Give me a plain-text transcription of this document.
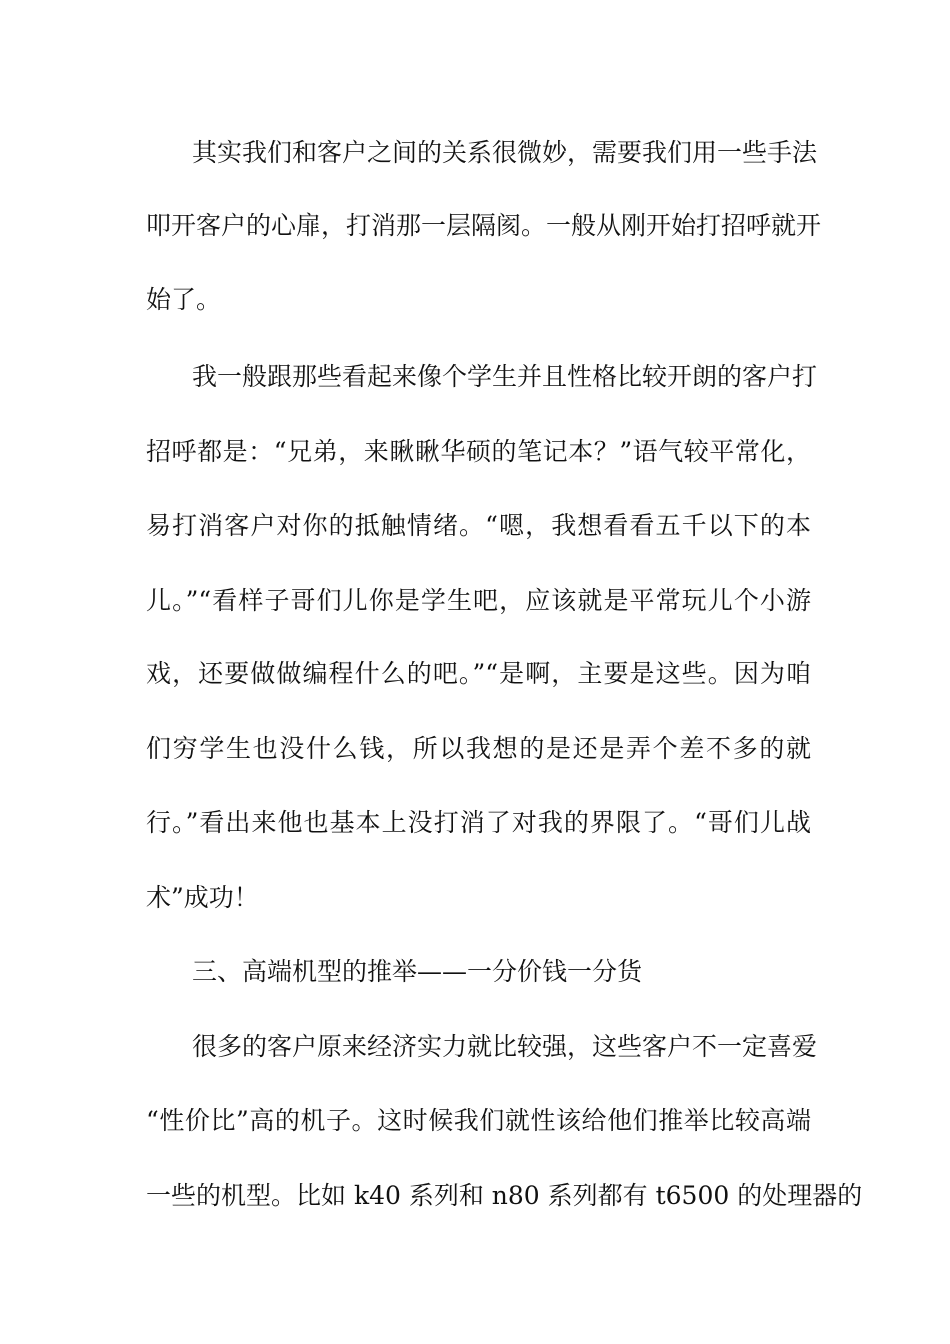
其实我们和客户之间的关系很微妙，需要我们用一些手法
叩开客户的心扉，打消那一层隔阂。一般从刚开始打招呼就开
始了。
我一般跟那些看起来像个学生并且性格比较开朗的客户打
招呼都是：“兄弟，来瞅瞅华硕的笔记本？”语气较平常化，
易打消客户对你的抵触情绪。“嗯，我想看看五千以下的本
儿。”“看样子哥们儿你是学生吧，应该就是平常玩儿个小游
戏，还要做做编程什么的吧。”“是啊，主要是这些。因为咱
们穷学生也没什么钱，所以我想的是还是弄个差不多的就
行。”看出来他也基本上没打消了对我的界限了。“哥们儿战
术”成功！
三、高端机型的推举——一分价钱一分货
很多的客户原来经济实力就比较强，这些客户不一定喜爱
“性价比”高的机子。这时候我们就性该给他们推举比较高端
一些的机型。比如 k40 系列和 n80 系列都有 t6500 的处理器的
